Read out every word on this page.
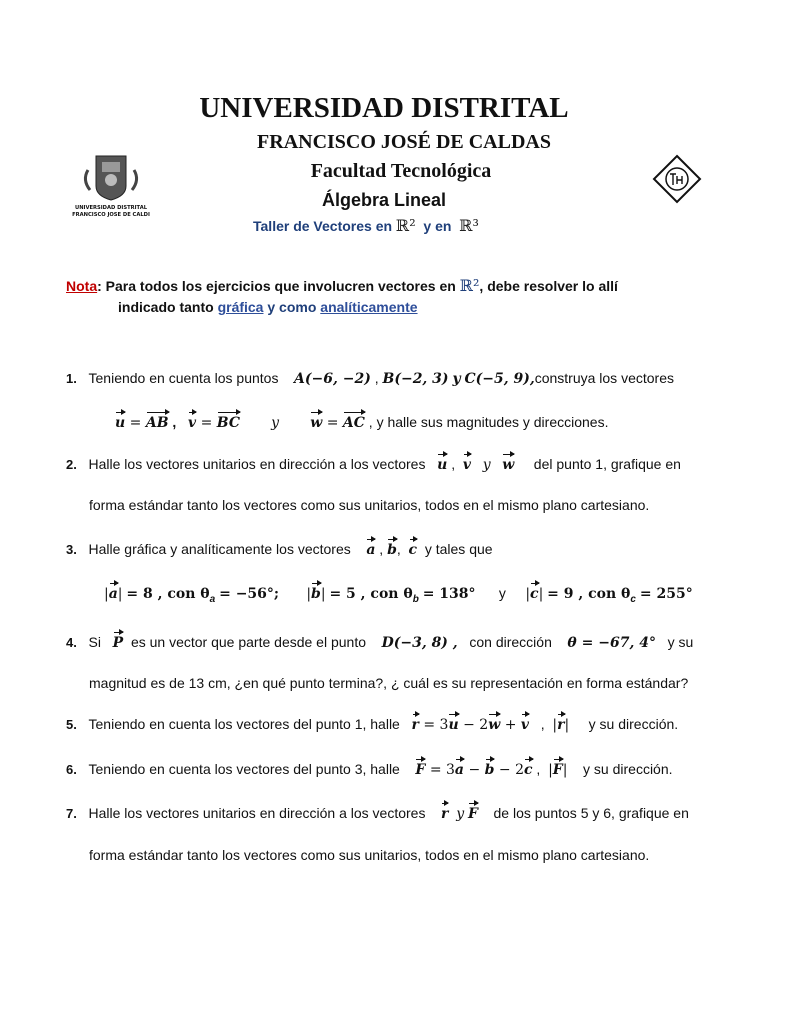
UNIVERSIDAD DISTRITAL
FRANCISCO JOSÉ DE CALDAS
Facultad Tecnológica
Álgebra Lineal
Taller de Vectores en ℝ² y en ℝ³
UNIVERSIDAD DISTRITAL
FRANCISCO JOSE DE CALDI
Nota: Para todos los ejercicios que involucren vectores en ℝ², debe resolver lo allí
indicado tanto gráfica y como analíticamente
1. Teniendo en cuenta los puntos A(−6, −2) , B(−2, 3) y C(−5, 9),construya los vectores
u = AB , v = BC y w = AC , y halle sus magnitudes y direcciones.
2. Halle los vectores unitarios en dirección a los vectores u ,  v y w del punto 1, grafique en
forma estándar tanto los vectores como sus unitarios, todos en el mismo plano cartesiano.
3. Halle gráfica y analíticamente los vectores a , b,  c y tales que
|a| = 8 , con $\theta_a = -56^\circ$; |b| = 5 , con $\theta_b = 138^\circ$ y |c| = 9 , con $\theta_c = 255^\circ$
4. Si P es un vector que parte desde el punto D(−3, 8) , con dirección θ = −67, 4° y su
magnitud es de 13 cm, ¿en qué punto termina?, ¿ cuál es su representación en forma estándar?
5. Teniendo en cuenta los vectores del punto 1, halle r = 3u − 2w + v   ,  |r| y su dirección.
6. Teniendo en cuenta los vectores del punto 3, halle F = 3a − b − 2c ,  |F| y su dirección.
7. Halle los vectores unitarios en dirección a los vectores r y F de los puntos 5 y 6, grafique en
forma estándar tanto los vectores como sus unitarios, todos en el mismo plano cartesiano.
